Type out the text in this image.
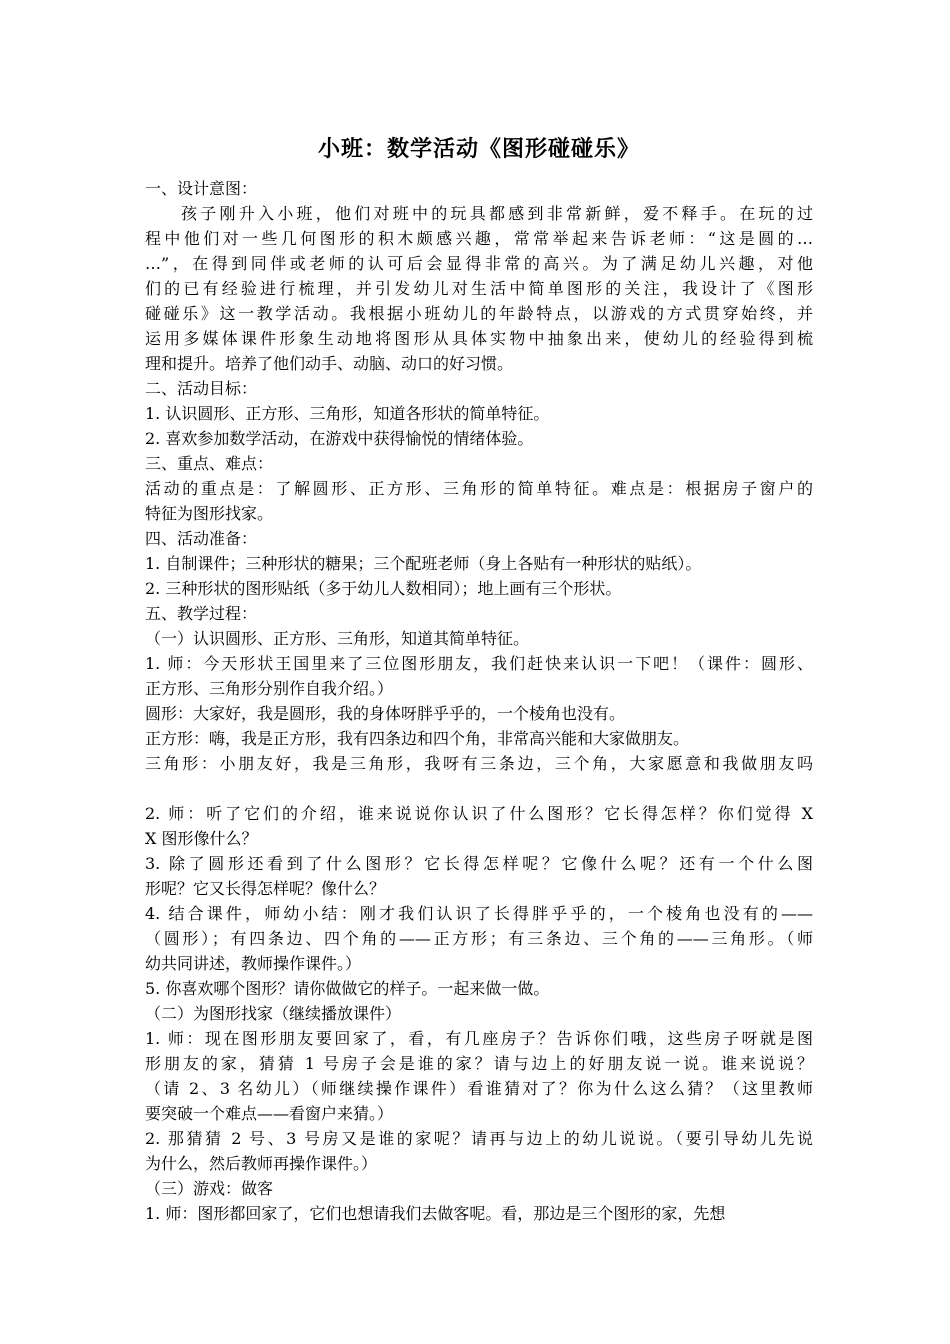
小班：数学活动《图形碰碰乐》
一、设计意图：
孩子刚升入小班，他们对班中的玩具都感到非常新鲜，爱不释手。在玩的过
程中他们对一些几何图形的积木颇感兴趣，常常举起来告诉老师：“这是圆的…
…”，在得到同伴或老师的认可后会显得非常的高兴。为了满足幼儿兴趣，对他
们的已有经验进行梳理，并引发幼儿对生活中简单图形的关注，我设计了《图形
碰碰乐》这一教学活动。我根据小班幼儿的年龄特点，以游戏的方式贯穿始终，并
运用多媒体课件形象生动地将图形从具体实物中抽象出来，使幼儿的经验得到梳
理和提升。培养了他们动手、动脑、动口的好习惯。
二、活动目标：
1. 认识圆形、正方形、三角形，知道各形状的简单特征。
2. 喜欢参加数学活动，在游戏中获得愉悦的情绪体验。
三、重点、难点：
活动的重点是：了解圆形、正方形、三角形的简单特征。难点是：根据房子窗户的
特征为图形找家。
四、活动准备：
1. 自制课件；三种形状的糖果；三个配班老师（身上各贴有一种形状的贴纸）。
2. 三种形状的图形贴纸（多于幼儿人数相同）；地上画有三个形状。
五、教学过程：
（一）认识圆形、正方形、三角形，知道其简单特征。
1. 师：今天形状王国里来了三位图形朋友，我们赶快来认识一下吧！（课件：圆形、
正方形、三角形分别作自我介绍。）
圆形：大家好，我是圆形，我的身体呀胖乎乎的，一个棱角也没有。
正方形：嗨，我是正方形，我有四条边和四个角，非常高兴能和大家做朋友。
三角形：小朋友好，我是三角形，我呀有三条边，三个角，大家愿意和我做朋友吗
2. 师：听了它们的介绍，谁来说说你认识了什么图形？它长得怎样？你们觉得 X
X 图形像什么？
3. 除了圆形还看到了什么图形？它长得怎样呢？它像什么呢？还有一个什么图
形呢？它又长得怎样呢？像什么？
4. 结合课件，师幼小结：刚才我们认识了长得胖乎乎的，一个棱角也没有的——
（圆形）；有四条边、四个角的——正方形；有三条边、三个角的——三角形。（师
幼共同讲述，教师操作课件。）
5. 你喜欢哪个图形？请你做做它的样子。一起来做一做。
（二）为图形找家（继续播放课件）
1. 师：现在图形朋友要回家了，看，有几座房子？告诉你们哦，这些房子呀就是图
形朋友的家，猜猜 1 号房子会是谁的家？请与边上的好朋友说一说。谁来说说？
（请 2、3 名幼儿）（师继续操作课件）看谁猜对了？你为什么这么猜？（这里教师
要突破一个难点——看窗户来猜。）
2. 那猜猜 2 号、3 号房又是谁的家呢？请再与边上的幼儿说说。（要引导幼儿先说
为什么，然后教师再操作课件。）
（三）游戏：做客
1. 师：图形都回家了，它们也想请我们去做客呢。看，那边是三个图形的家，先想
